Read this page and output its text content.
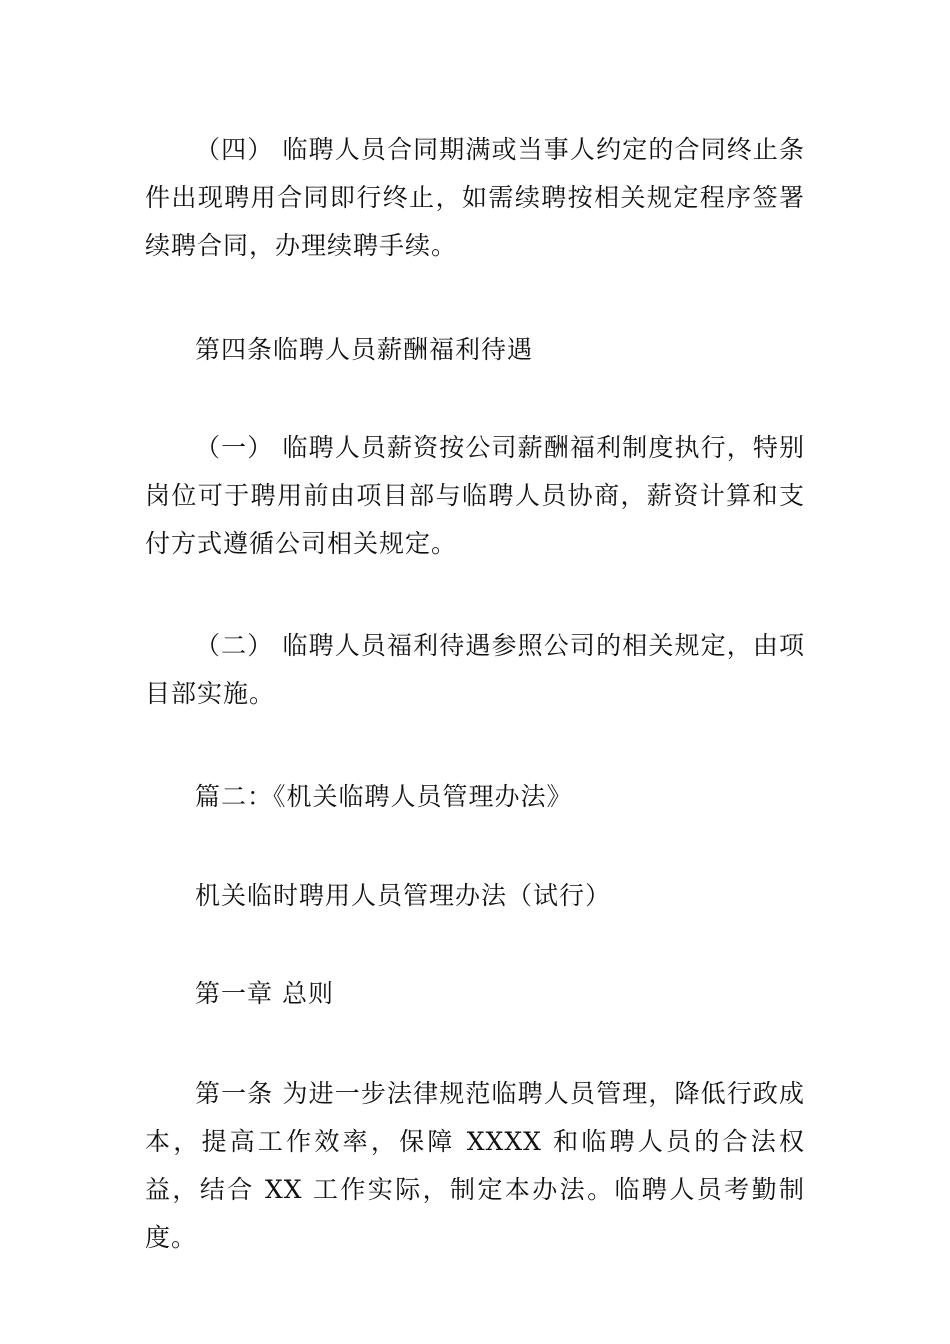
（四） 临聘人员合同期满或当事人约定的合同终止条件出现聘用合同即行终止，如需续聘按相关规定程序签署续聘合同，办理续聘手续。

第四条临聘人员薪酬福利待遇

（一） 临聘人员薪资按公司薪酬福利制度执行，特别岗位可于聘用前由项目部与临聘人员协商，薪资计算和支付方式遵循公司相关规定。

（二） 临聘人员福利待遇参照公司的相关规定，由项目部实施。

篇二：《机关临聘人员管理办法》

机关临时聘用人员管理办法（试行）

第一章 总则

第一条 为进一步法律规范临聘人员管理，降低行政成本，提高工作效率，保障 XXXX 和临聘人员的合法权益，结合 XX 工作实际，制定本办法。临聘人员考勤制度。
